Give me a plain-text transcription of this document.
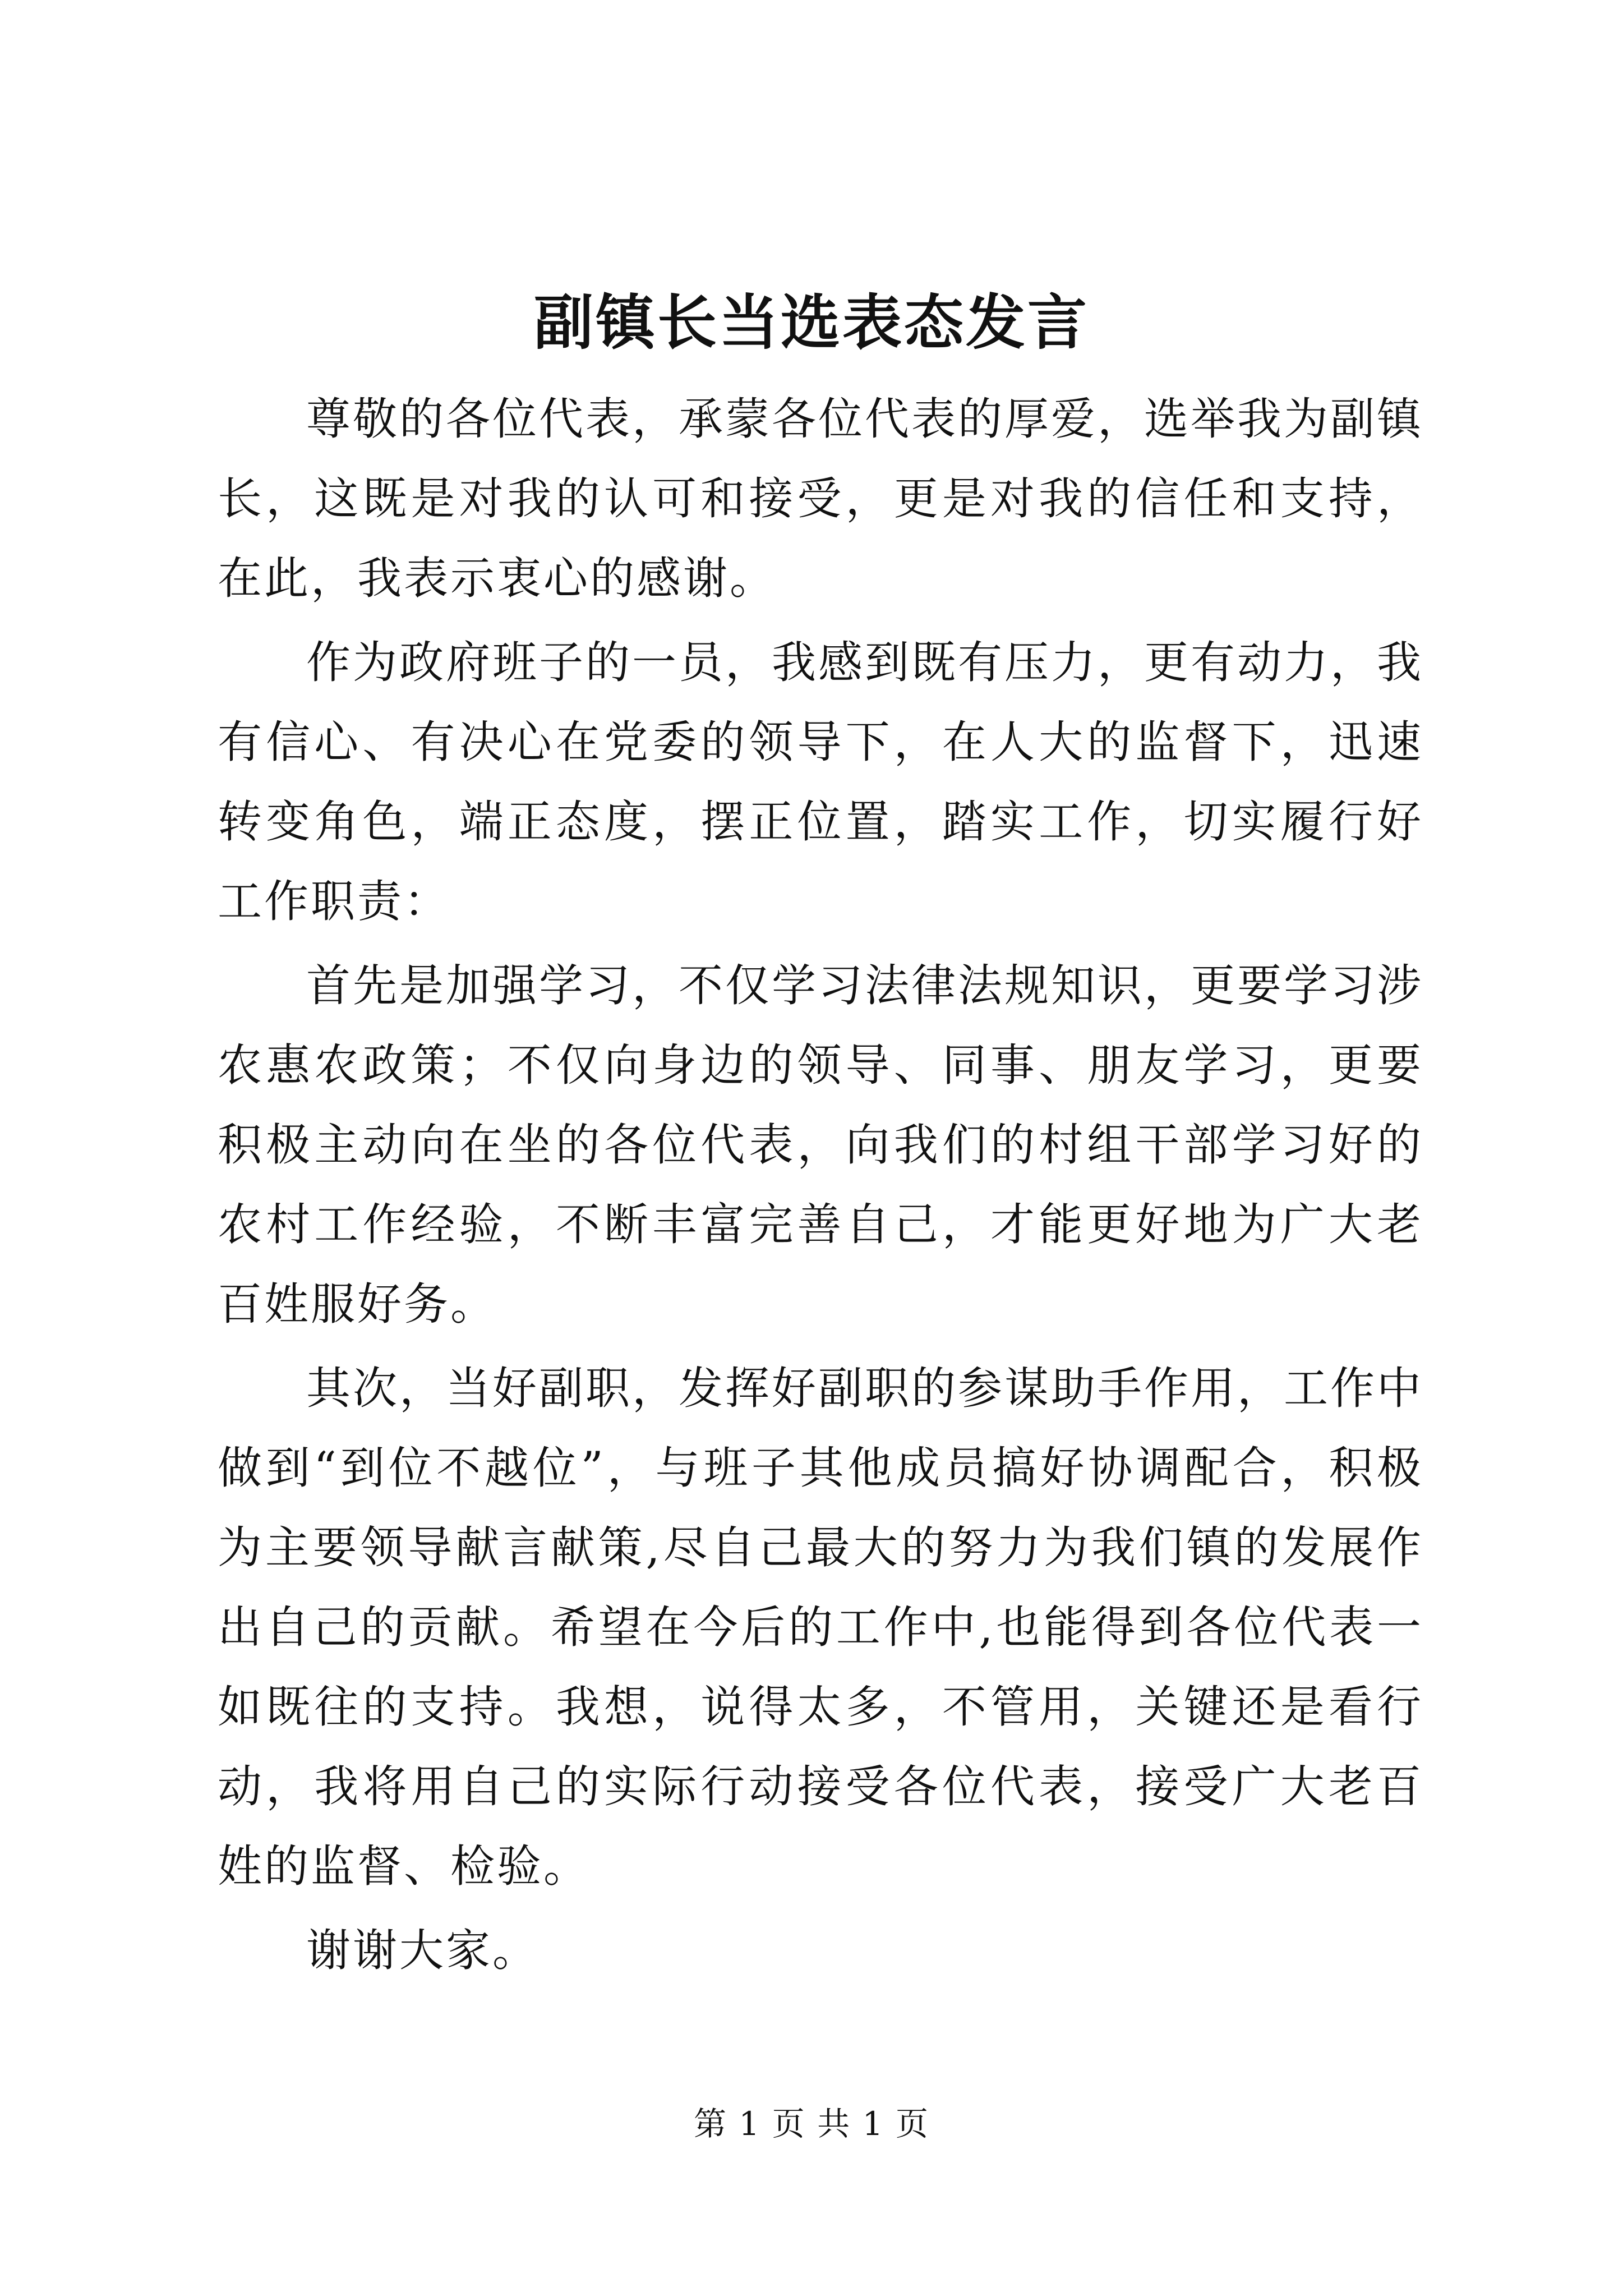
副镇长当选表态发言

尊敬的各位代表，承蒙各位代表的厚爱，选举我为副镇长，这既是对我的认可和接受，更是对我的信任和支持，在此，我表示衷心的感谢。

作为政府班子的一员，我感到既有压力，更有动力，我有信心、有决心在党委的领导下，在人大的监督下，迅速转变角色，端正态度，摆正位置，踏实工作，切实履行好工作职责：

首先是加强学习，不仅学习法律法规知识，更要学习涉农惠农政策；不仅向身边的领导、同事、朋友学习，更要积极主动向在坐的各位代表，向我们的村组干部学习好的农村工作经验，不断丰富完善自己，才能更好地为广大老百姓服好务。

其次，当好副职，发挥好副职的参谋助手作用，工作中做到“到位不越位”，与班子其他成员搞好协调配合，积极为主要领导献言献策,尽自己最大的努力为我们镇的发展作出自己的贡献。希望在今后的工作中,也能得到各位代表一如既往的支持。我想，说得太多，不管用，关键还是看行动，我将用自己的实际行动接受各位代表，接受广大老百姓的监督、检验。

谢谢大家。

第 1 页 共 1 页
